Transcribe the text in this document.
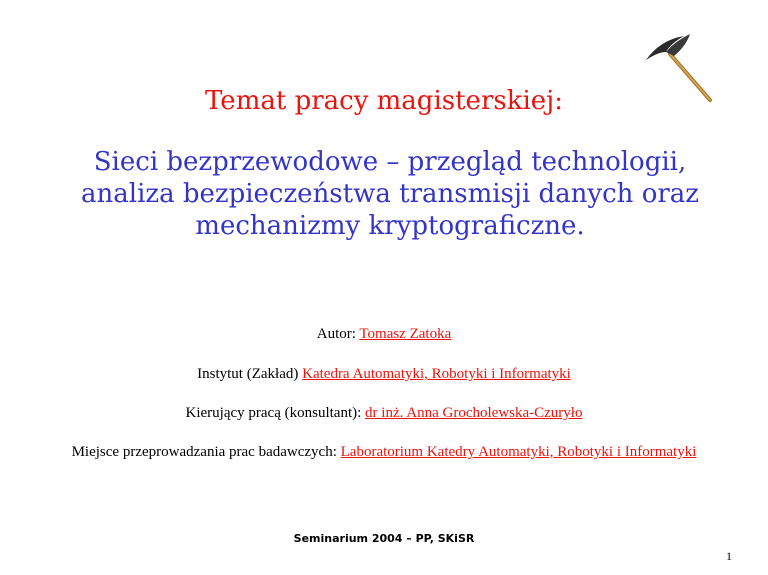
Temat pracy magisterskiej:
Sieci bezprzewodowe – przegląd technologii,
analiza bezpieczeństwa transmisji danych oraz
mechanizmy kryptograficzne.
Autor: Tomasz Zatoka
Instytut (Zakład) Katedra Automatyki, Robotyki i Informatyki
Kierujący pracą (konsultant): dr inż. Anna Grocholewska-Czuryło
Miejsce przeprowadzania prac badawczych: Laboratorium Katedry Automatyki, Robotyki i Informatyki
Seminarium 2004 – PP, SKiSR
1
